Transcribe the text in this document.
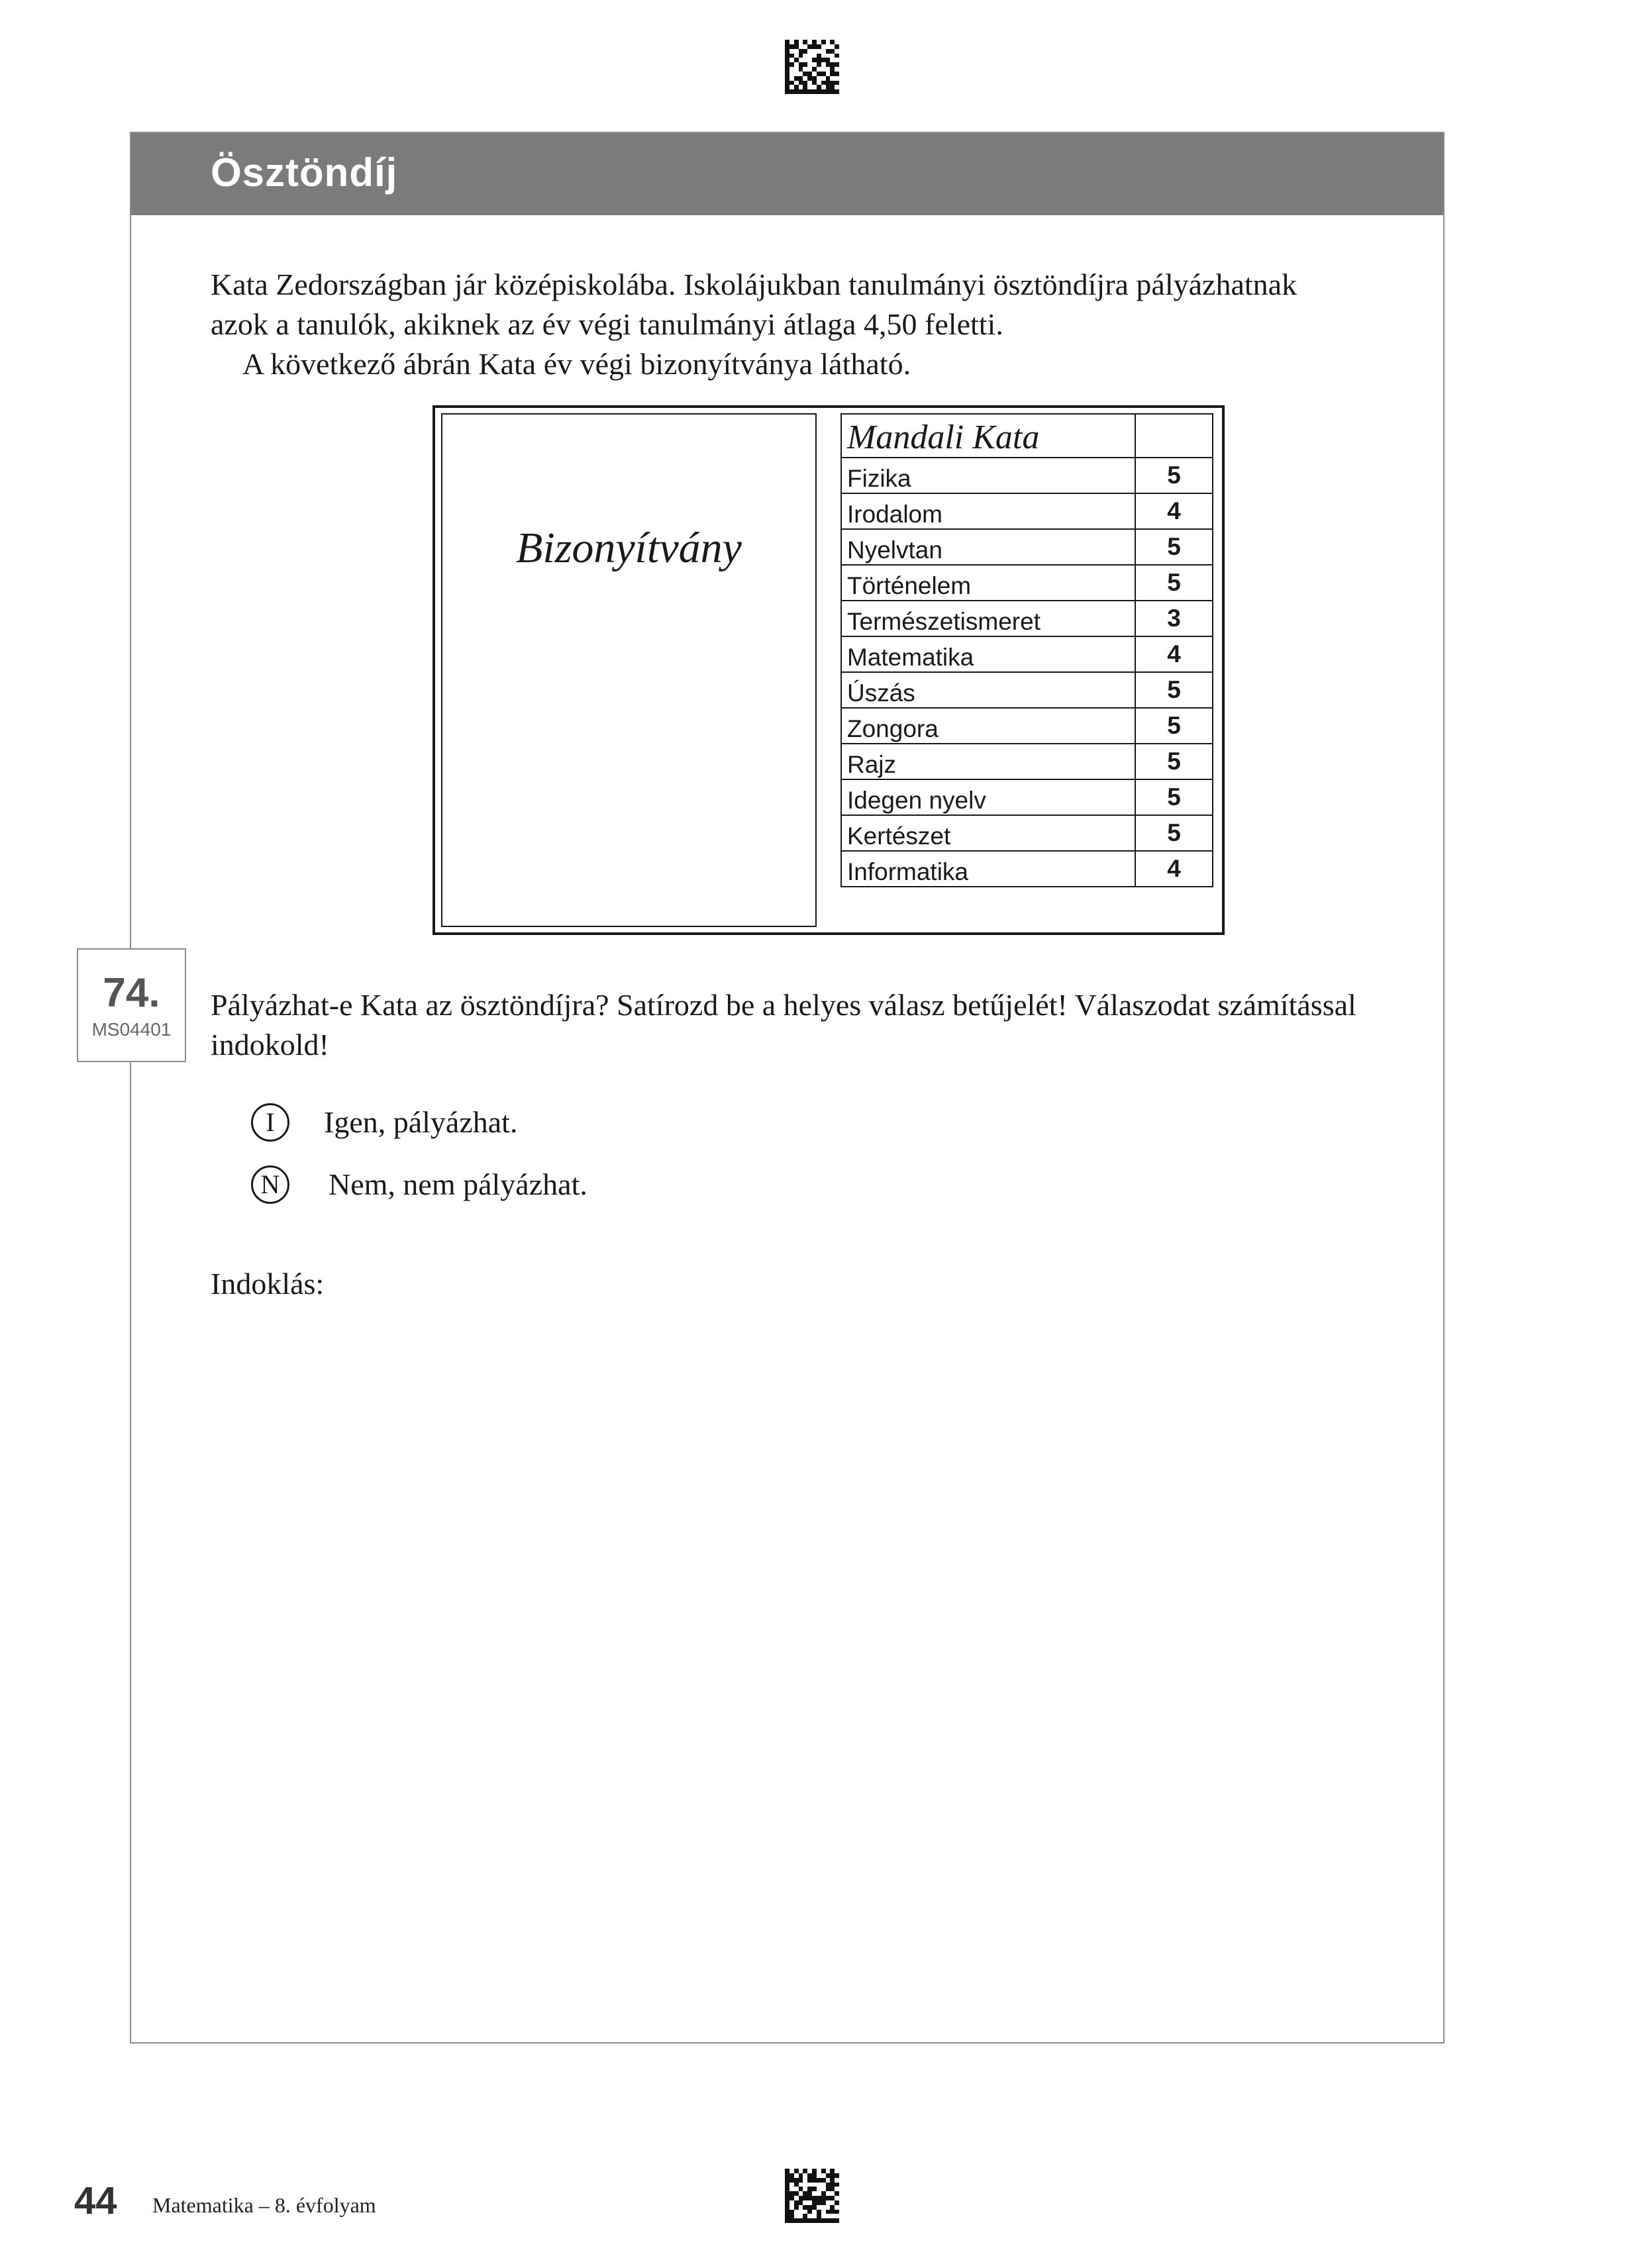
Ösztöndíj
Kata Zedországban jár középiskolába. Iskolájukban tanulmányi ösztöndíjra pályázhatnak
azok a tanulók, akiknek az év végi tanulmányi átlaga 4,50 feletti.
A következő ábrán Kata év végi bizonyítványa látható.
Bizonyítvány
Mandali Kata	
Fizika	5
Irodalom	4
Nyelvtan	5
Történelem	5
Természetismeret	3
Matematika	4
Úszás	5
Zongora	5
Rajz	5
Idegen nyelv	5
Kertészet	5
Informatika	4
74.
MS04401
Pályázhat-e Kata az ösztöndíjra? Satírozd be a helyes válasz betűjelét! Válaszodat számítással
indokold!
I	Igen, pályázhat.
N	Nem, nem pályázhat.
Indoklás:
44 Matematika – 8. évfolyam
